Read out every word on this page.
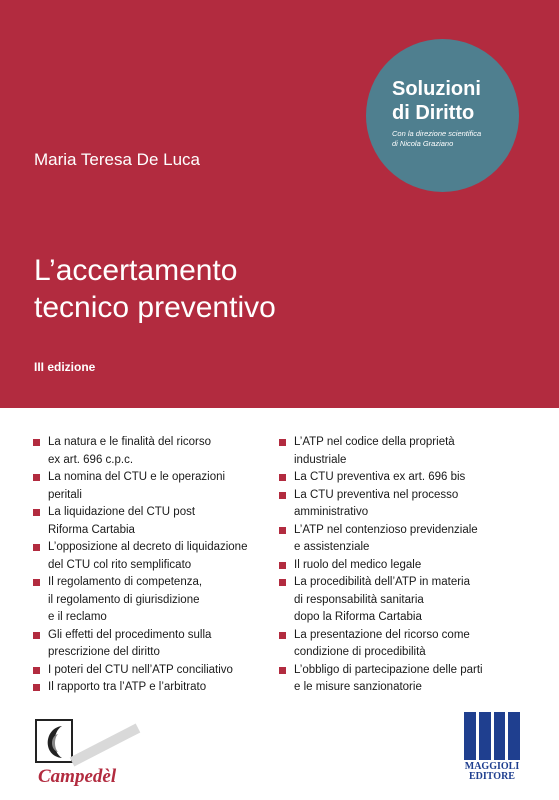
Soluzioni
di Diritto
Con la direzione scientifica
di Nicola Graziano
Maria Teresa De Luca
L’accertamento
tecnico preventivo
III edizione
La natura e le finalità del ricorso
ex art. 696 c.p.c.
La nomina del CTU e le operazioni
peritali
La liquidazione del CTU post
Riforma Cartabia
L’opposizione al decreto di liquidazione
del CTU col rito semplificato
Il regolamento di competenza,
il regolamento di giurisdizione
e il reclamo
Gli effetti del procedimento sulla
prescrizione del diritto
I poteri del CTU nell’ATP conciliativo
Il rapporto tra l’ATP e l’arbitrato
L’ATP nel codice della proprietà
industriale
La CTU preventiva ex art. 696 bis
La CTU preventiva nel processo
amministrativo
L’ATP nel contenzioso previdenziale
e assistenziale
Il ruolo del medico legale
La procedibilità dell’ATP in materia
di responsabilità sanitaria
dopo la Riforma Cartabia
La presentazione del ricorso come
condizione di procedibilità
L’obbligo di partecipazione delle parti
e le misure sanzionatorie
Campedèl	MAGGIOLI
EDITORE
